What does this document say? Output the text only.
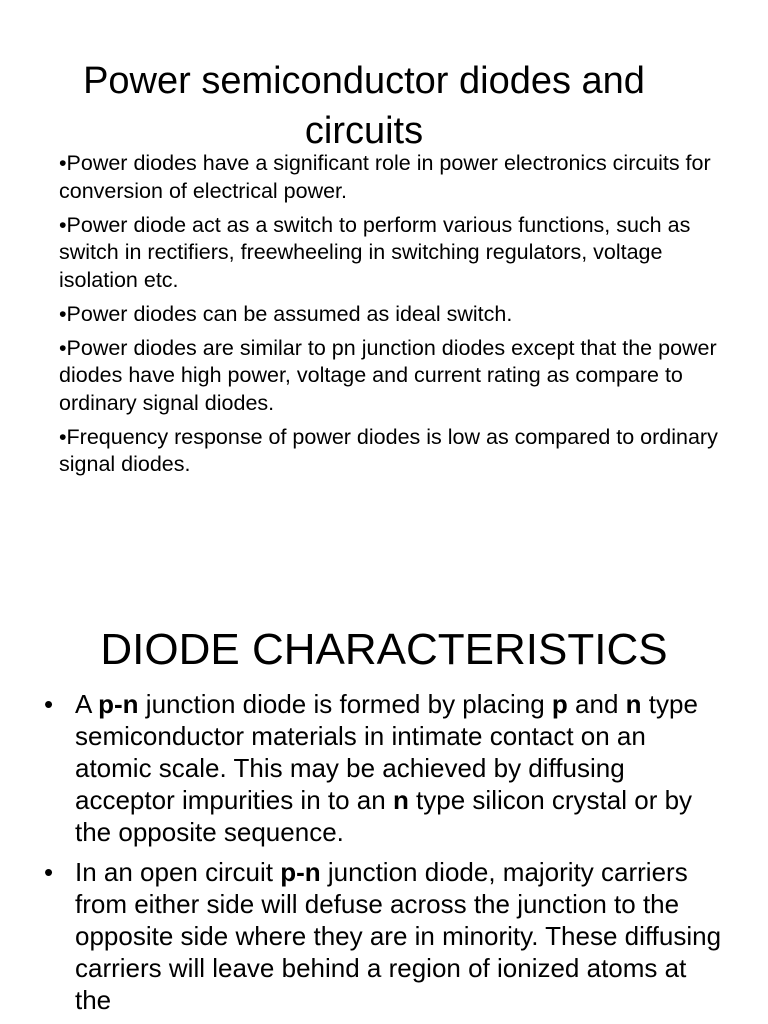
Power semiconductor diodes and circuits
•Power diodes have a significant role in power electronics circuits for conversion of electrical power.
•Power diode act as a switch to perform various functions, such as switch in rectifiers, freewheeling in switching regulators, voltage isolation etc.
•Power diodes can be assumed as ideal switch.
•Power diodes are similar to pn junction diodes except that the power diodes have high power, voltage and current rating as compare to ordinary signal diodes.
•Frequency response of power diodes is low as compared to ordinary signal diodes.
DIODE CHARACTERISTICS
• A p-n junction diode is formed by placing p and n type semiconductor materials in intimate contact on an atomic scale. This may be achieved by diffusing acceptor impurities in to an n type silicon crystal or by the opposite sequence.
• In an open circuit p-n junction diode, majority carriers from either side will defuse across the junction to the opposite side where they are in minority. These diffusing carriers will leave behind a region of ionized atoms at the
